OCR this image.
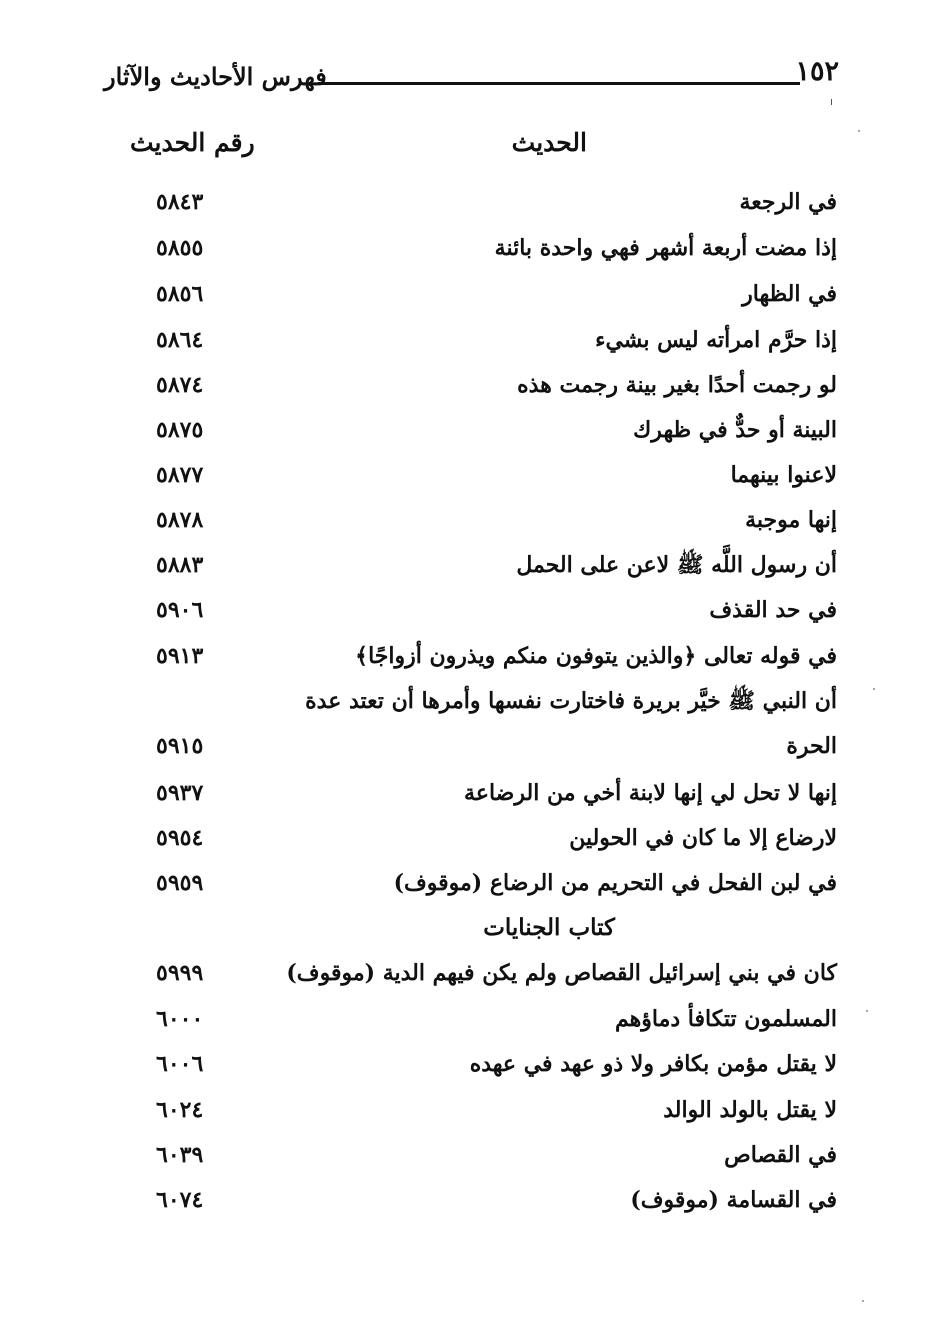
١٥٢
فهرس الأحاديث والآثار
الحديث
رقم الحديث
في الرجعة
٥٨٤٣
إذا مضت أربعة أشهر فهي واحدة بائنة
٥٨٥٥
في الظهار
٥٨٥٦
إذا حرَّم امرأته ليس بشيء
٥٨٦٤
لو رجمت أحدًا بغير بينة رجمت هذه
٥٨٧٤
البينة أو حدٌّ في ظهرك
٥٨٧٥
لاعنوا بينهما
٥٨٧٧
إنها موجبة
٥٨٧٨
أن رسول اللَّه ﷺ لاعن على الحمل
٥٨٨٣
في حد القذف
٥٩٠٦
في قوله تعالى ﴿والذين يتوفون منكم ويذرون أزواجًا﴾
٥٩١٣
أن النبي ﷺ خيَّر بريرة فاختارت نفسها وأمرها أن تعتد عدة
الحرة
٥٩١٥
إنها لا تحل لي إنها لابنة أخي من الرضاعة
٥٩٣٧
لارضاع إلا ما كان في الحولين
٥٩٥٤
في لبن الفحل في التحريم من الرضاع (موقوف)
٥٩٥٩
كتاب الجنايات
كان في بني إسرائيل القصاص ولم يكن فيهم الدية (موقوف)
٥٩٩٩
المسلمون تتكافأ دماؤهم
٦٠٠٠
لا يقتل مؤمن بكافر ولا ذو عهد في عهده
٦٠٠٦
لا يقتل بالولد الوالد
٦٠٢٤
في القصاص
٦٠٣٩
في القسامة (موقوف)
٦٠٧٤
